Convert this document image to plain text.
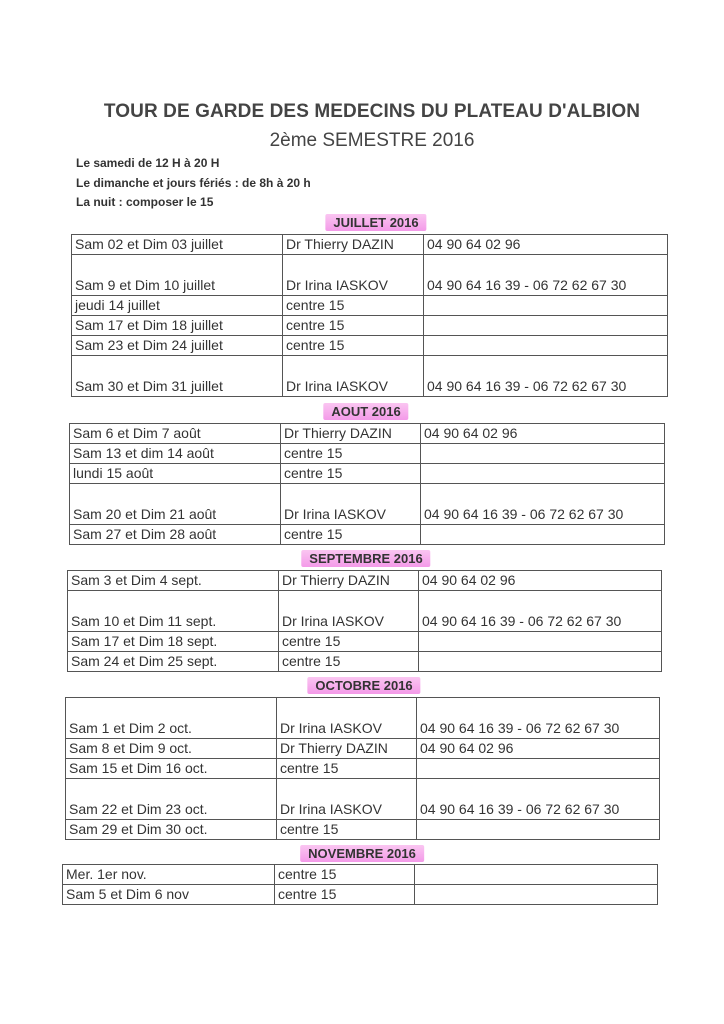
TOUR DE GARDE DES MEDECINS DU PLATEAU D'ALBION
2ème SEMESTRE 2016
Le samedi de 12 H à 20 H
Le dimanche et jours fériés : de 8h à 20 h
La nuit : composer le 15
JUILLET 2016
Sam 02 et Dim 03 juillet	Dr Thierry DAZIN	04 90 64 02 96
Sam 9 et Dim 10 juillet	Dr Irina IASKOV	04 90 64 16 39 - 06 72 62 67 30
jeudi 14 juillet	centre 15	
Sam 17 et Dim 18 juillet	centre 15	
Sam 23 et Dim 24 juillet	centre 15	
Sam 30 et Dim 31 juillet	Dr Irina IASKOV	04 90 64 16 39 - 06 72 62 67 30
AOUT 2016
Sam 6 et Dim 7 août	Dr Thierry DAZIN	04 90 64 02 96
Sam 13 et dim 14 août	centre 15	
lundi 15 août	centre 15	
Sam 20 et Dim 21 août	Dr Irina IASKOV	04 90 64 16 39 - 06 72 62 67 30
Sam 27 et Dim 28 août	centre 15	
SEPTEMBRE 2016
Sam 3 et Dim 4 sept.	Dr Thierry DAZIN	04 90 64 02 96
Sam 10 et Dim 11 sept.	Dr Irina IASKOV	04 90 64 16 39 - 06 72 62 67 30
Sam 17 et Dim 18 sept.	centre 15	
Sam 24 et Dim 25 sept.	centre 15	
OCTOBRE 2016
Sam 1 et Dim 2 oct.	Dr Irina IASKOV	04 90 64 16 39 - 06 72 62 67 30
Sam 8 et Dim 9 oct.	Dr Thierry DAZIN	04 90 64 02 96
Sam 15 et Dim 16 oct.	centre 15	
Sam 22 et Dim 23 oct.	Dr Irina IASKOV	04 90 64 16 39 - 06 72 62 67 30
Sam 29 et Dim 30 oct.	centre 15	
NOVEMBRE 2016
Mer. 1er nov.	centre 15	
Sam 5 et Dim 6 nov	centre 15	
